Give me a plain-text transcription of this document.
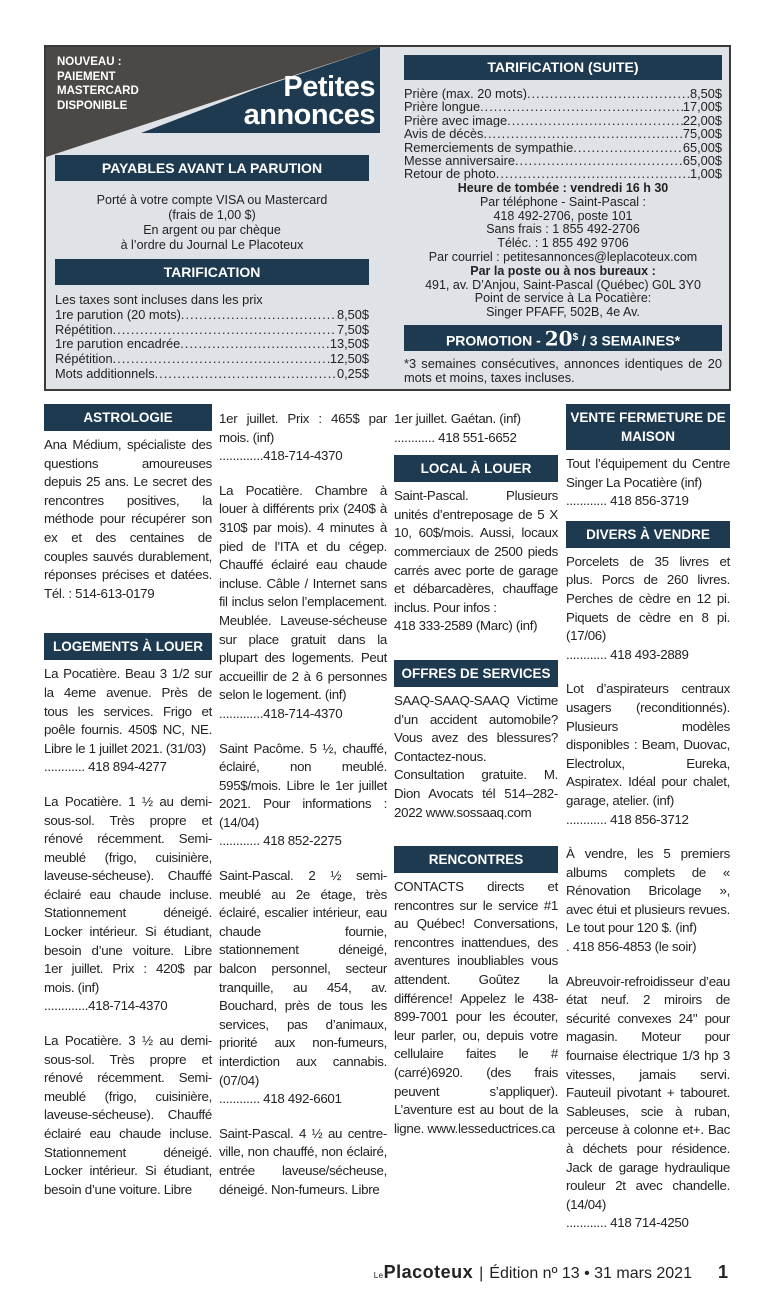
NOUVEAU : PAIEMENT MASTERCARD DISPONIBLE
Petites
annonces
PAYABLES AVANT LA PARUTION
Porté à votre compte VISA ou Mastercard
(frais de 1,00 $)
En argent ou par chèque
à l’ordre du Journal Le Placoteux
TARIFICATION
Les taxes sont incluses dans les prix
1re parution (20 mots) .....	8,50$
Répétition .....	7,50$
1re parution encadrée .....	13,50$
Répétition .....	12,50$
Mots additionnels .....	0,25$
TARIFICATION (SUITE)
Prière (max. 20 mots) .....	8,50$
Prière longue .....	17,00$
Prière avec image .....	22,00$
Avis de décès .....	75,00$
Remerciements de sympathie .....	65,00$
Messe anniversaire .....	65,00$
Retour de photo .....	1,00$
Heure de tombée : vendredi 16 h 30
Par téléphone - Saint-Pascal :
418 492-2706, poste 101
Sans frais : 1 855 492-2706
Téléc. : 1 855 492 9706
Par courriel : petitesannonces@leplacoteux.com
Par la poste ou à nos bureaux :
491, av. D’Anjou, Saint-Pascal (Québec) G0L 3Y0
Point de service à La Pocatière:
Singer PFAFF, 502B, 4e Av.
PROMOTION - 20$ / 3 SEMAINES*
*3 semaines consécutives, annonces identiques de 20 mots et moins, taxes incluses.
ASTROLOGIE
Ana Médium, spécialiste des questions amoureuses depuis 25 ans. Le secret des rencontres positives, la méthode pour récupérer son ex et des centaines de couples sauvés durablement, réponses précises et datées. Tél. : 514-613-0179
LOGEMENTS À LOUER

La Pocatière. Beau 3 1/2 sur la 4eme avenue. Près de tous les services. Frigo et poêle fournis. 450$ NC, NE. Libre le 1 juillet 2021. (31/03)

............ 418 894-4277

La Pocatière. 1 ½ au demi-sous-sol. Très propre et rénové récemment. Semi-meublé (frigo, cuisinière, laveuse-sécheuse). Chauffé éclairé eau chaude incluse. Stationnement déneigé. Locker intérieur. Si étudiant, besoin d’une voiture. Libre 1er juillet. Prix : 420$ par mois. (inf)

.............418-714-4370

La Pocatière. 3 ½ au demi-sous-sol. Très propre et rénové récemment. Semi-meublé (frigo, cuisinière, laveuse-sécheuse). Chauffé éclairé eau chaude incluse. Stationnement déneigé. Locker intérieur. Si étudiant, besoin d’une voiture. Libre

1er juillet. Prix : 465$ par mois. (inf)

.............418-714-4370

La Pocatière. Chambre à louer à différents prix (240$ à 310$ par mois). 4 minutes à pied de l’ITA et du cégep. Chauffé éclairé eau chaude incluse. Câble / Internet sans fil inclus selon l’emplacement. Meublée. Laveuse-sécheuse sur place gratuit dans la plupart des logements. Peut accueillir de 2 à 6 personnes selon le logement. (inf)

.............418-714-4370

Saint Pacôme. 5 ½, chauffé, éclairé, non meublé. 595$/mois. Libre le 1er juillet 2021. Pour informations : (14/04)

............ 418 852-2275

Saint-Pascal. 2 ½ semi-meublé au 2e étage, très éclairé, escalier intérieur, eau chaude fournie, stationnement déneigé, balcon personnel, secteur tranquille, au 454, av. Bouchard, près de tous les services, pas d’animaux, priorité aux non-fumeurs, interdiction aux cannabis. (07/04)

............ 418 492-6601

Saint-Pascal. 4 ½ au centre-ville, non chauffé, non éclairé, entrée laveuse/sécheuse, déneigé. Non-fumeurs. Libre

1er juillet. Gaétan. (inf)

............ 418 551-6652

LOCAL À LOUER

Saint-Pascal. Plusieurs unités d’entreposage de 5 X 10, 60$/mois. Aussi, locaux commerciaux de 2500 pieds carrés avec porte de garage et débarcadères, chauffage inclus. Pour infos :

418 333-2589 (Marc) (inf)

OFFRES DE SERVICES
SAAQ-SAAQ-SAAQ Victime d’un accident automobile? Vous avez des blessures? Contactez-nous. Consultation gratuite. M. Dion Avocats tél 514–282-2022 www.sossaaq.com
RENCONTRES
CONTACTS directs et rencontres sur le service #1 au Québec! Conversations, rencontres inattendues, des aventures inoubliables vous attendent. Goûtez la différence! Appelez le 438-899-7001 pour les écouter, leur parler, ou, depuis votre cellulaire faites le #(carré)6920. (des frais peuvent s’appliquer). L’aventure est au bout de la ligne. www.lesseductrices.ca
VENTE FERMETURE DE MAISON

Tout l’équipement du Centre Singer La Pocatière (inf)

............ 418 856-3719

DIVERS À VENDRE

Porcelets de 35 livres et plus. Porcs de 260 livres. Perches de cèdre en 12 pi. Piquets de cèdre en 8 pi. (17/06)

............ 418 493-2889

Lot d’aspirateurs centraux usagers (reconditionnés). Plusieurs modèles disponibles : Beam, Duovac, Electrolux, Eureka, Aspiratex. Idéal pour chalet, garage, atelier. (inf)

............ 418 856-3712

À vendre, les 5 premiers albums complets de « Rénovation Bricolage », avec étui et plusieurs revues. Le tout pour 120 $. (inf)

. 418 856-4853 (le soir)

Abreuvoir-refroidisseur d’eau état neuf. 2 miroirs de sécurité convexes 24" pour magasin. Moteur pour fournaise électrique 1/3 hp 3 vitesses, jamais servi. Fauteuil pivotant + tabouret. Sableuses, scie à ruban, perceuse à colonne et+. Bac à déchets pour résidence. Jack de garage hydraulique rouleur 2t avec chandelle. (14/04)

............ 418 714-4250

LePlacoteux | Édition nº 13 • 31 mars 2021 1
